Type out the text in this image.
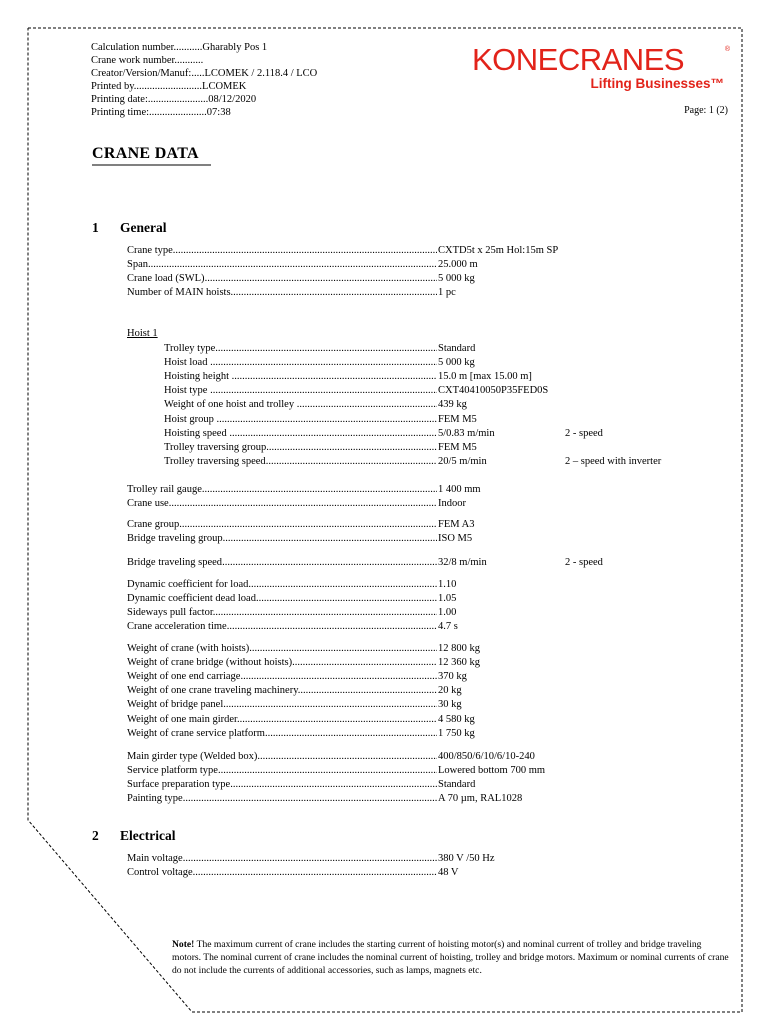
Calculation number...........Gharably Pos 1
Crane work number...........
Creator/Version/Manuf:.....LCOMEK / 2.118.4 / LCO
Printed by..........................LCOMEK
Printing date:.......................08/12/2020
Printing time:......................07:38
KONECRANES	®
Lifting Businesses™
Page: 1 (2)
CRANE DATA
1 General
2 Electrical
Hoist 1
Crane type .....	CXTD5t x 25m Hol:15m SP
Span .....	25.000 m
Crane load (SWL) .....	5 000 kg
Number of MAIN hoists .....	1 pc
Trolley type .....	Standard
Hoist load .....	5 000 kg
Hoisting height .....	15.0 m [max 15.00 m]
Hoist type .....	CXT40410050P35FED0S
Weight of one hoist and trolley .....	439 kg
Hoist group .....	FEM M5
Hoisting speed .....	5/0.83 m/min	2 - speed
Trolley traversing group .....	FEM M5
Trolley traversing speed .....	20/5 m/min	2 – speed with inverter
Trolley rail gauge .....	1 400 mm
Crane use .....	Indoor
Crane group .....	FEM A3
Bridge traveling group .....	ISO M5
Bridge traveling speed .....	32/8 m/min	2 - speed
Dynamic coefficient for load .....	1.10
Dynamic coefficient dead load .....	1.05
Sideways pull factor .....	1.00
Crane acceleration time .....	4.7 s
Weight of crane (with hoists) .....	12 800 kg
Weight of crane bridge (without hoists) .....	12 360 kg
Weight of one end carriage .....	370 kg
Weight of one crane traveling machinery .....	20 kg
Weight of bridge panel .....	30 kg
Weight of one main girder .....	4 580 kg
Weight of crane service platform .....	1 750 kg
Main girder type (Welded box) .....	400/850/6/10/6/10-240
Service platform type .....	Lowered bottom 700 mm
Surface preparation type .....	Standard
Painting type .....	A 70 µm, RAL1028
Main voltage .....	380 V /50 Hz
Control voltage .....	48 V
Note! The maximum current of crane includes the starting current of hoisting motor(s) and nominal current of trolley and bridge traveling motors. The nominal current of crane includes the nominal current of hoisting, trolley and bridge motors. Maximum or nominal currents of crane do not include the currents of additional accessories, such as lamps, magnets etc.
